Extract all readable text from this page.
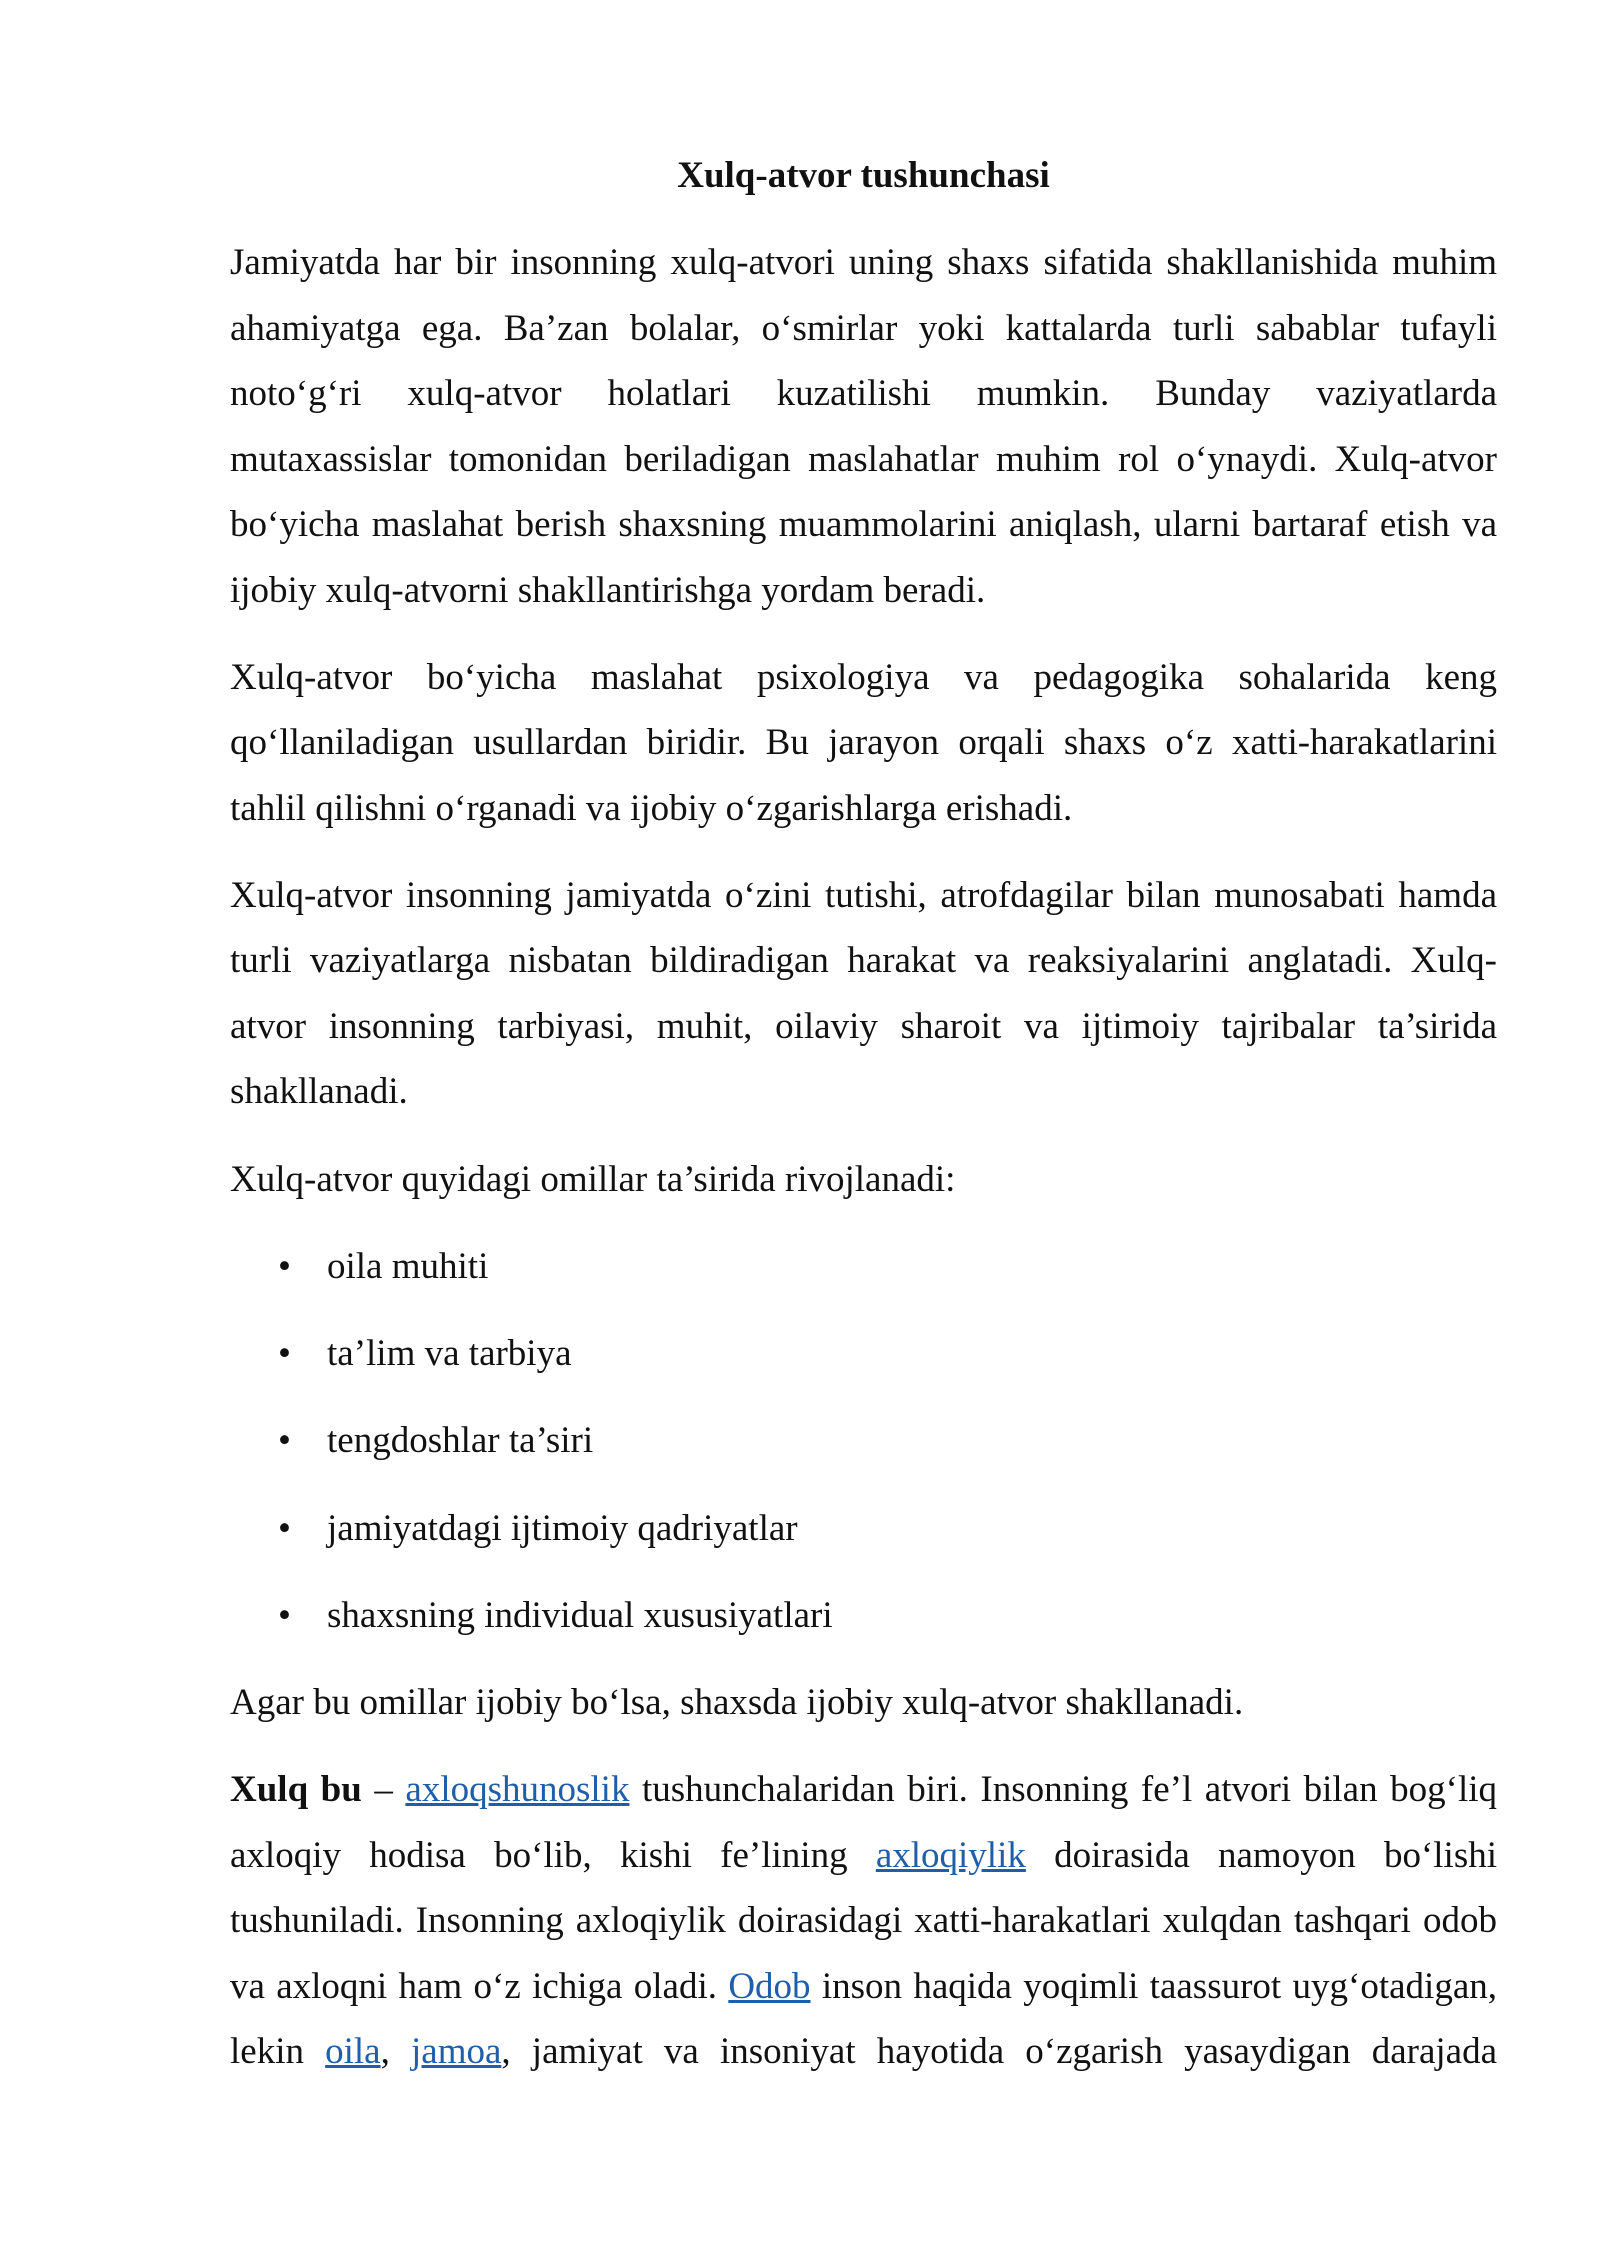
Xulq-atvor tushunchasi
Jamiyatda har bir insonning xulq-atvori uning shaxs sifatida shakllanishida muhim
ahamiyatga ega. Ba’zan bolalar, o‘smirlar yoki kattalarda turli sabablar tufayli
noto‘g‘ri xulq-atvor holatlari kuzatilishi mumkin. Bunday vaziyatlarda
mutaxassislar tomonidan beriladigan maslahatlar muhim rol o‘ynaydi. Xulq-atvor
bo‘yicha maslahat berish shaxsning muammolarini aniqlash, ularni bartaraf etish va
ijobiy xulq-atvorni shakllantirishga yordam beradi.
Xulq-atvor bo‘yicha maslahat psixologiya va pedagogika sohalarida keng
qo‘llaniladigan usullardan biridir. Bu jarayon orqali shaxs o‘z xatti-harakatlarini
tahlil qilishni o‘rganadi va ijobiy o‘zgarishlarga erishadi.
Xulq-atvor insonning jamiyatda o‘zini tutishi, atrofdagilar bilan munosabati hamda
turli vaziyatlarga nisbatan bildiradigan harakat va reaksiyalarini anglatadi. Xulq-
atvor insonning tarbiyasi, muhit, oilaviy sharoit va ijtimoiy tajribalar ta’sirida
shakllanadi.
Xulq-atvor quyidagi omillar ta’sirida rivojlanadi:
• oila muhiti
• ta’lim va tarbiya
• tengdoshlar ta’siri
• jamiyatdagi ijtimoiy qadriyatlar
• shaxsning individual xususiyatlari
Agar bu omillar ijobiy bo‘lsa, shaxsda ijobiy xulq-atvor shakllanadi.
Xulq bu – axloqshunoslik tushunchalaridan biri. Insonning fe’l atvori bilan bog‘liq
axloqiy hodisa bo‘lib, kishi fe’lining axloqiylik doirasida namoyon bo‘lishi
tushuniladi. Insonning axloqiylik doirasidagi xatti-harakatlari xulqdan tashqari odob
va axloqni ham o‘z ichiga oladi. Odob inson haqida yoqimli taassurot uyg‘otadigan,
lekin oila, jamoa, jamiyat va insoniyat hayotida o‘zgarish yasaydigan darajada
